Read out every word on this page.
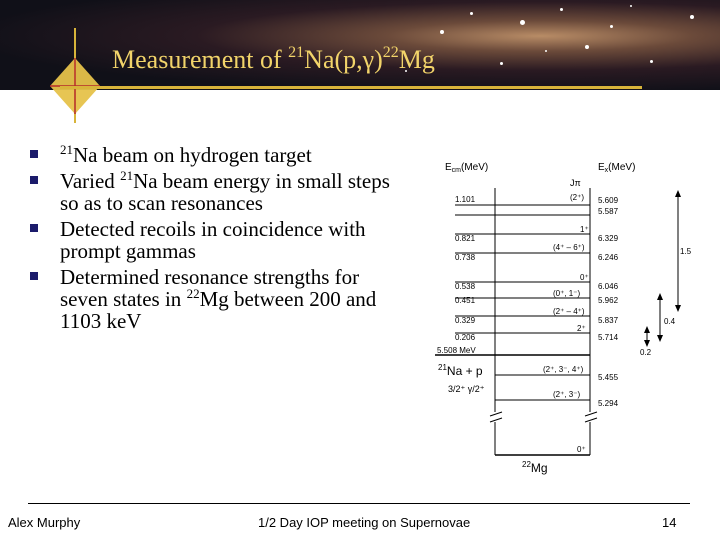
Measurement of $^{21}Na(p,\gamma)^{22}Mg$
$^{21}$Na beam on hydrogen target
Varied $^{21}$Na beam energy in small steps so as to scan resonances
Detected recoils in coincidence with prompt gammas
Determined resonance strengths for seven states in $^{22}$Mg between 200 and 1103 keV
$E_{cm}(MeV)$
Jπ
$E_x(MeV)$
1.101
0.821
0.738
0.538
0.451
0.329
0.206
5.508 MeV
(2⁺)
1⁺
(4⁺ – 6⁺)
0⁺
(0⁺, 1⁻)
(2⁺ – 4⁺)
2⁺
(2⁺, 3⁻, 4⁺)
(2⁺, 3⁻)
0⁺
5.609
5.587
6.329
6.246
6.046
5.962
5.837
5.714
5.455
5.294
$^{21}$Na + p
3/2⁺ γ/2⁺
$^{22}$Mg
1.5
0.4
0.2
Alex Murphy	1/2 Day IOP meeting on Supernovae	14
